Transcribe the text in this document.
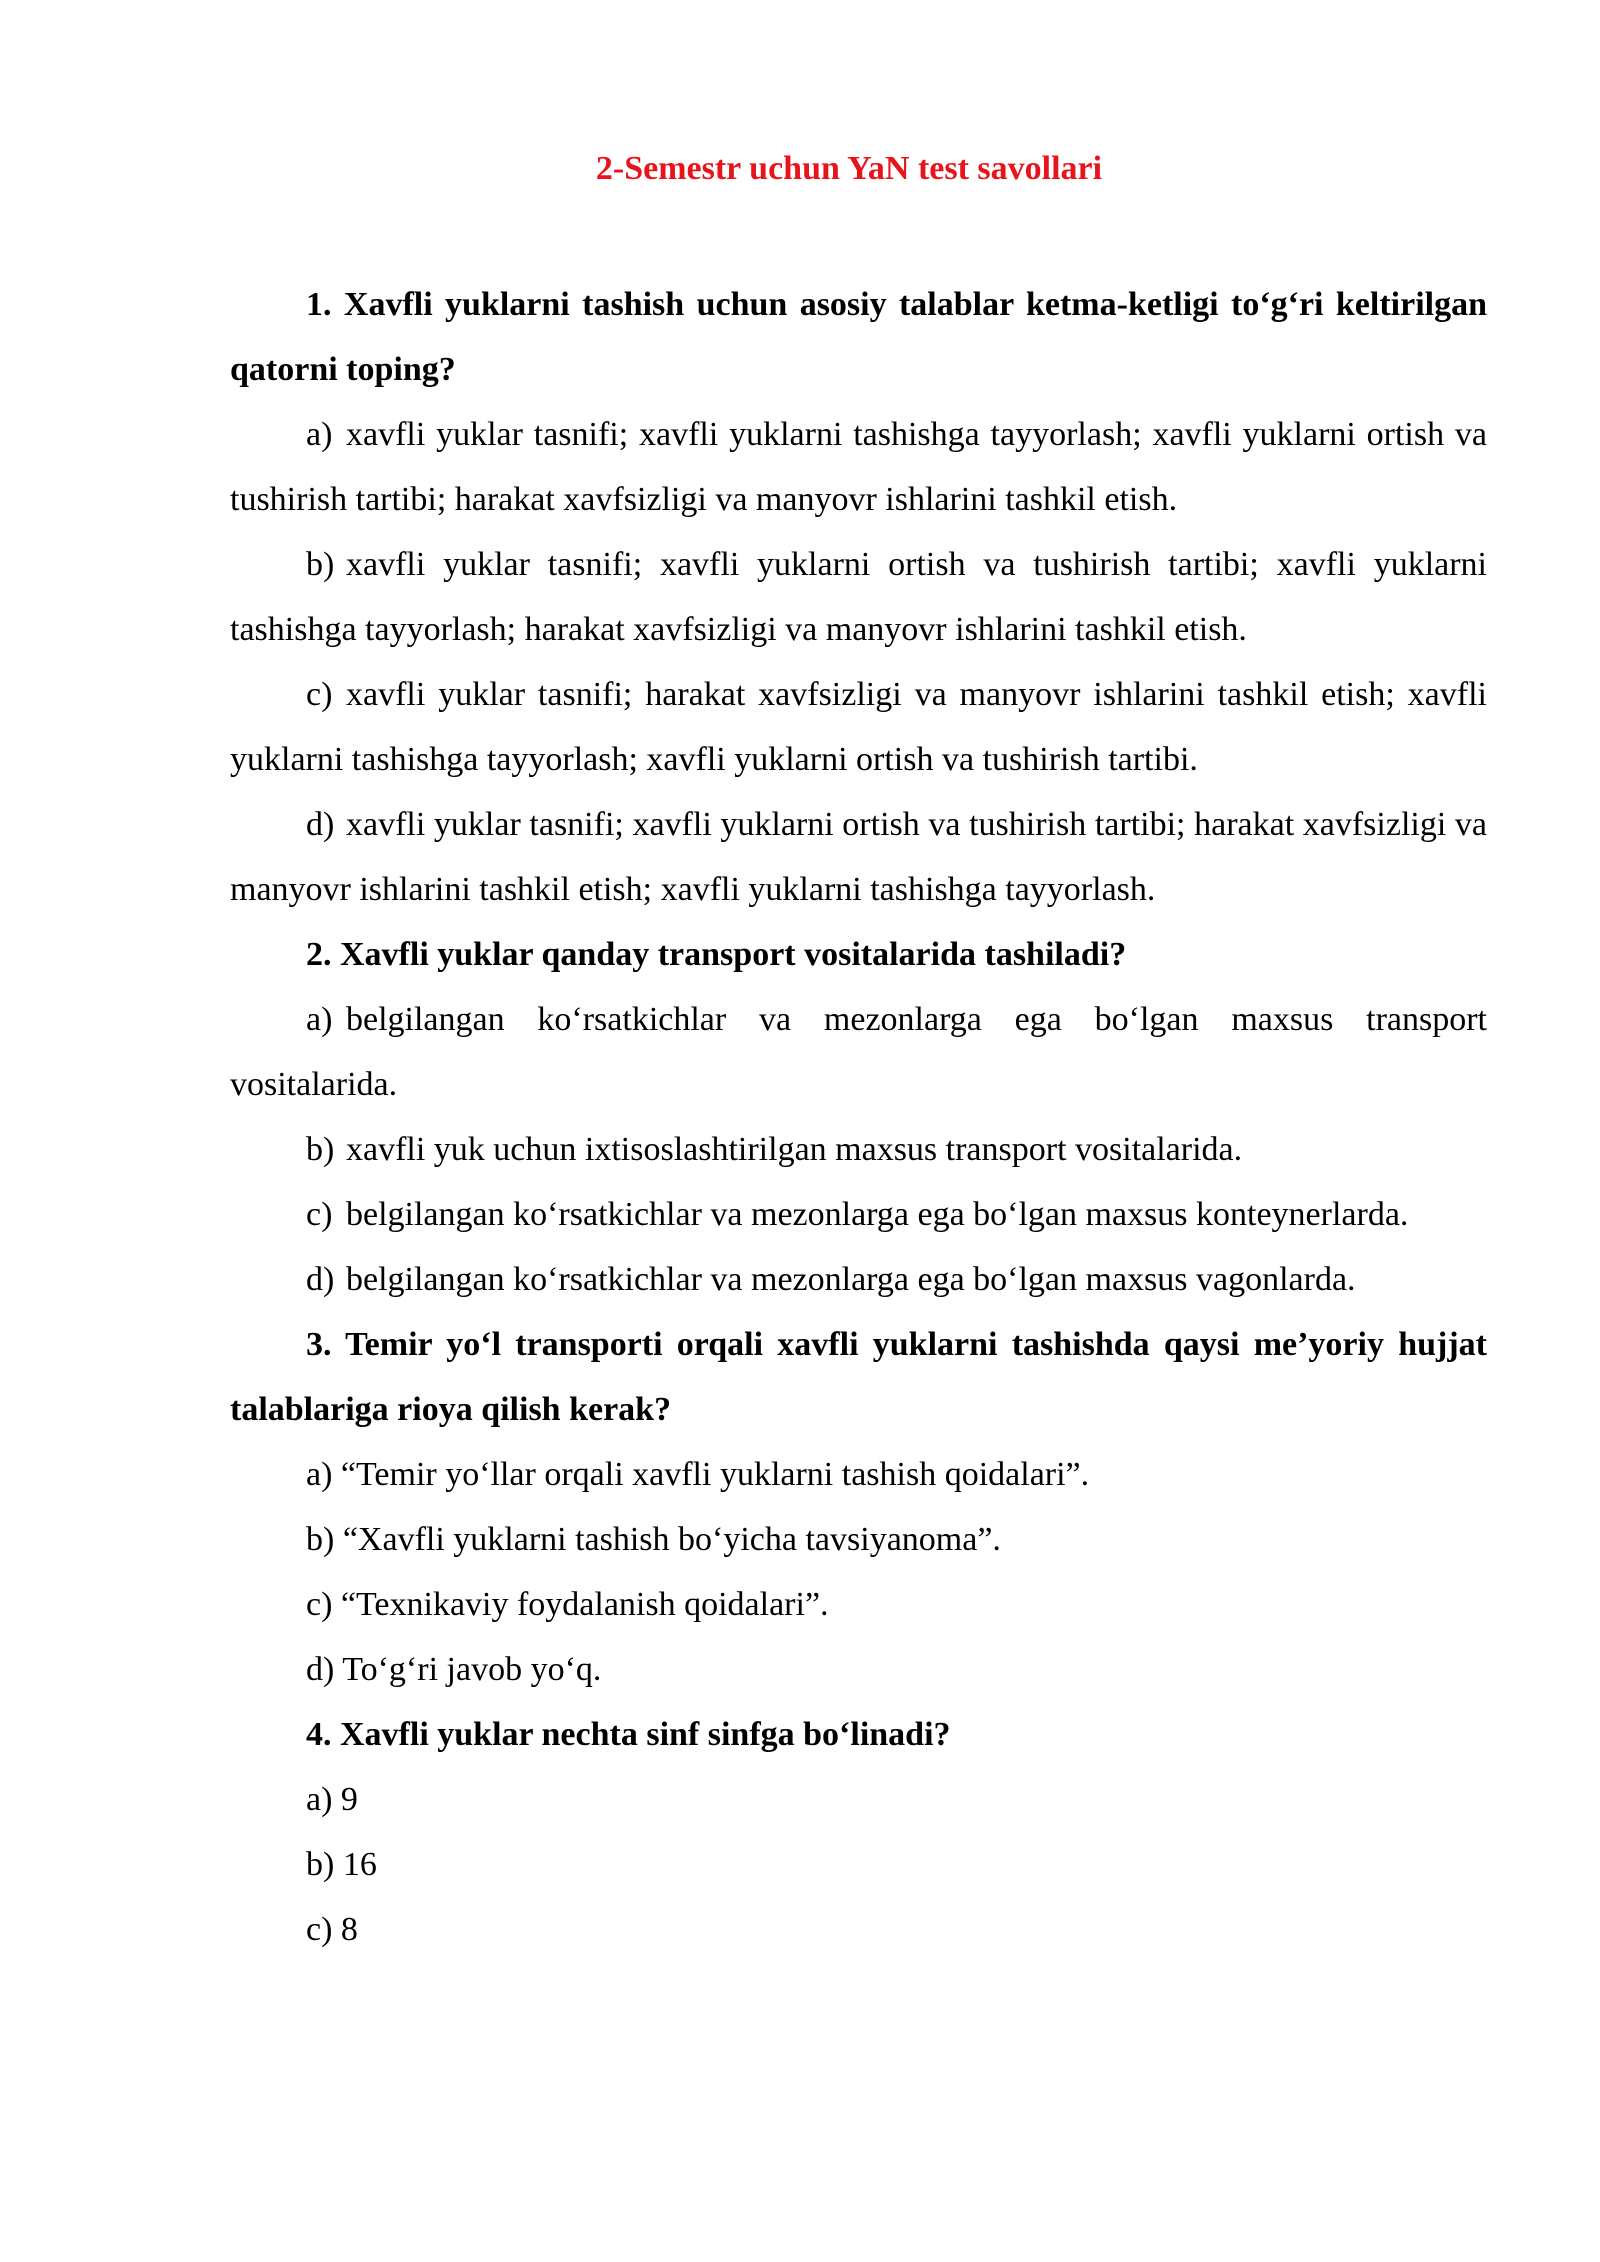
2-Semestr uchun YaN test savollari

1. Xavfli yuklarni tashish uchun asosiy talablar ketma-ketligi to‘g‘ri keltirilgan qatorni toping?

a) xavfli yuklar tasnifi; xavfli yuklarni tashishga tayyorlash; xavfli yuklarni ortish va tushirish tartibi; harakat xavfsizligi va manyovr ishlarini tashkil etish.

b) xavfli yuklar tasnifi; xavfli yuklarni ortish va tushirish tartibi; xavfli yuklarni tashishga tayyorlash; harakat xavfsizligi va manyovr ishlarini tashkil etish.

c) xavfli yuklar tasnifi; harakat xavfsizligi va manyovr ishlarini tashkil etish; xavfli yuklarni tashishga tayyorlash; xavfli yuklarni ortish va tushirish tartibi.

d) xavfli yuklar tasnifi; xavfli yuklarni ortish va tushirish tartibi; harakat xavfsizligi va manyovr ishlarini tashkil etish; xavfli yuklarni tashishga tayyorlash.

2. Xavfli yuklar qanday transport vositalarida tashiladi?

a) belgilangan ko‘rsatkichlar va mezonlarga ega bo‘lgan maxsus transport vositalarida.

b) xavfli yuk uchun ixtisoslashtirilgan maxsus transport vositalarida.

c) belgilangan ko‘rsatkichlar va mezonlarga ega bo‘lgan maxsus konteynerlarda.

d) belgilangan ko‘rsatkichlar va mezonlarga ega bo‘lgan maxsus vagonlarda.

3. Temir yo‘l transporti orqali xavfli yuklarni tashishda qaysi me’yoriy hujjat talablariga rioya qilish kerak?

a) “Temir yo‘llar orqali xavfli yuklarni tashish qoidalari”.

b) “Xavfli yuklarni tashish bo‘yicha tavsiyanoma”.

c) “Texnikaviy foydalanish qoidalari”.

d) To‘g‘ri javob yo‘q.

4. Xavfli yuklar nechta sinf sinfga bo‘linadi?

a) 9

b) 16

c) 8
